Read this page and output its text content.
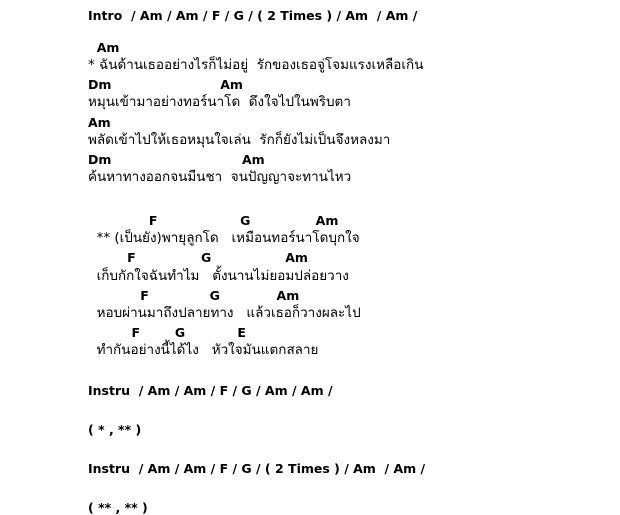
Intro  / Am / Am / F / G / ( 2 Times ) / Am  / Am /
Am
* ฉันด้านเธออย่างไรก็ไม่อยู่  รักของเธอจู่โจมแรงเหลือเกิน
Dm                         Am
หมุนเข้ามาอย่างทอร์นาโด  ดึงใจไปในพริบตา
Am
พลัดเข้าไปให้เธอหมุนใจเล่น  รักก็ยังไม่เป็นจึงหลงมา
Dm                              Am
ค้นหาทางออกจนมืนชา  จนปัญญาจะทานไหว
F                   G               Am
** (เป็นยัง)พายุลูกโด   เหมือนทอร์นาโดบุกใจ
F               G                 Am
เก็บกักใจฉันทำไม   ตั้งนานไม่ยอมปล่อยวาง
F              G             Am
หอบผ่านมาถึงปลายทาง   แล้วเธอก็วางผละไป
F        G            E
ทำกันอย่างนี้ได้ไง   หัวใจมันแตกสลาย
Instru  / Am / Am / F / G / Am / Am /
( * , ** )
Instru  / Am / Am / F / G / ( 2 Times ) / Am  / Am /
( ** , ** )
